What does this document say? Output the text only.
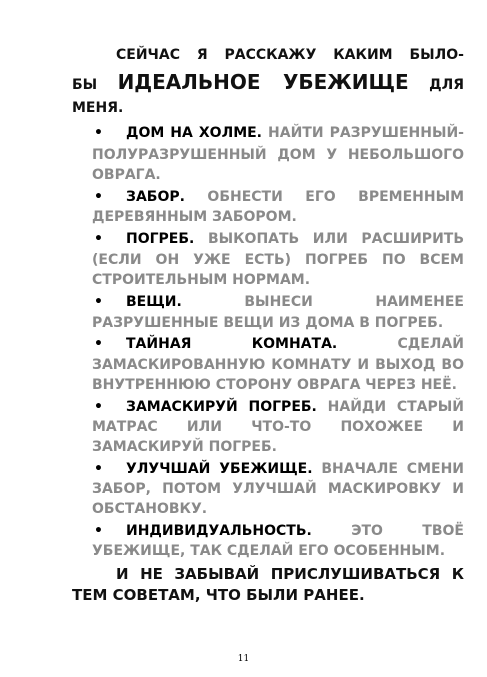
СЕЙЧАС Я РАССКАЖУ КАКИМ БЫЛО-
БЫ ИДЕАЛЬНОЕ УБЕЖИЩЕ ДЛЯ
МЕНЯ.
• ДОМ НА ХОЛМЕ. НАЙТИ РАЗРУШЕННЫЙ-
ПОЛУРАЗРУШЕННЫЙ ДОМ У НЕБОЛЬШОГО
ОВРАГА.
• ЗАБОР. ОБНЕСТИ ЕГО ВРЕМЕННЫМ
ДЕРЕВЯННЫМ ЗАБОРОМ.
• ПОГРЕБ. ВЫКОПАТЬ ИЛИ РАСШИРИТЬ
(ЕСЛИ ОН УЖЕ ЕСТЬ) ПОГРЕБ ПО ВСЕМ
СТРОИТЕЛЬНЫМ НОРМАМ.
• ВЕЩИ.	ВЫНЕСИ НАИМЕНЕЕ
РАЗРУШЕННЫЕ ВЕЩИ ИЗ ДОМА В ПОГРЕБ.
• ТАЙНАЯ КОМНАТА.	СДЕЛАЙ
ЗАМАСКИРОВАННУЮ КОМНАТУ И ВЫХОД ВО
ВНУТРЕННЮЮ СТОРОНУ ОВРАГА ЧЕРЕЗ НЕЁ.
• ЗАМАСКИРУЙ ПОГРЕБ. НАЙДИ СТАРЫЙ
МАТРАС ИЛИ ЧТО-ТО ПОХОЖЕЕ И
ЗАМАСКИРУЙ ПОГРЕБ.
• УЛУЧШАЙ УБЕЖИЩЕ. ВНАЧАЛЕ СМЕНИ
ЗАБОР, ПОТОМ УЛУЧШАЙ МАСКИРОВКУ И
ОБСТАНОВКУ.
• ИНДИВИДУАЛЬНОСТЬ.	ЭТО ТВОЁ
УБЕЖИЩЕ, ТАК СДЕЛАЙ ЕГО ОСОБЕННЫМ.
И НЕ ЗАБЫВАЙ ПРИСЛУШИВАТЬСЯ К
ТЕМ СОВЕТАМ, ЧТО БЫЛИ РАНЕЕ.
11
